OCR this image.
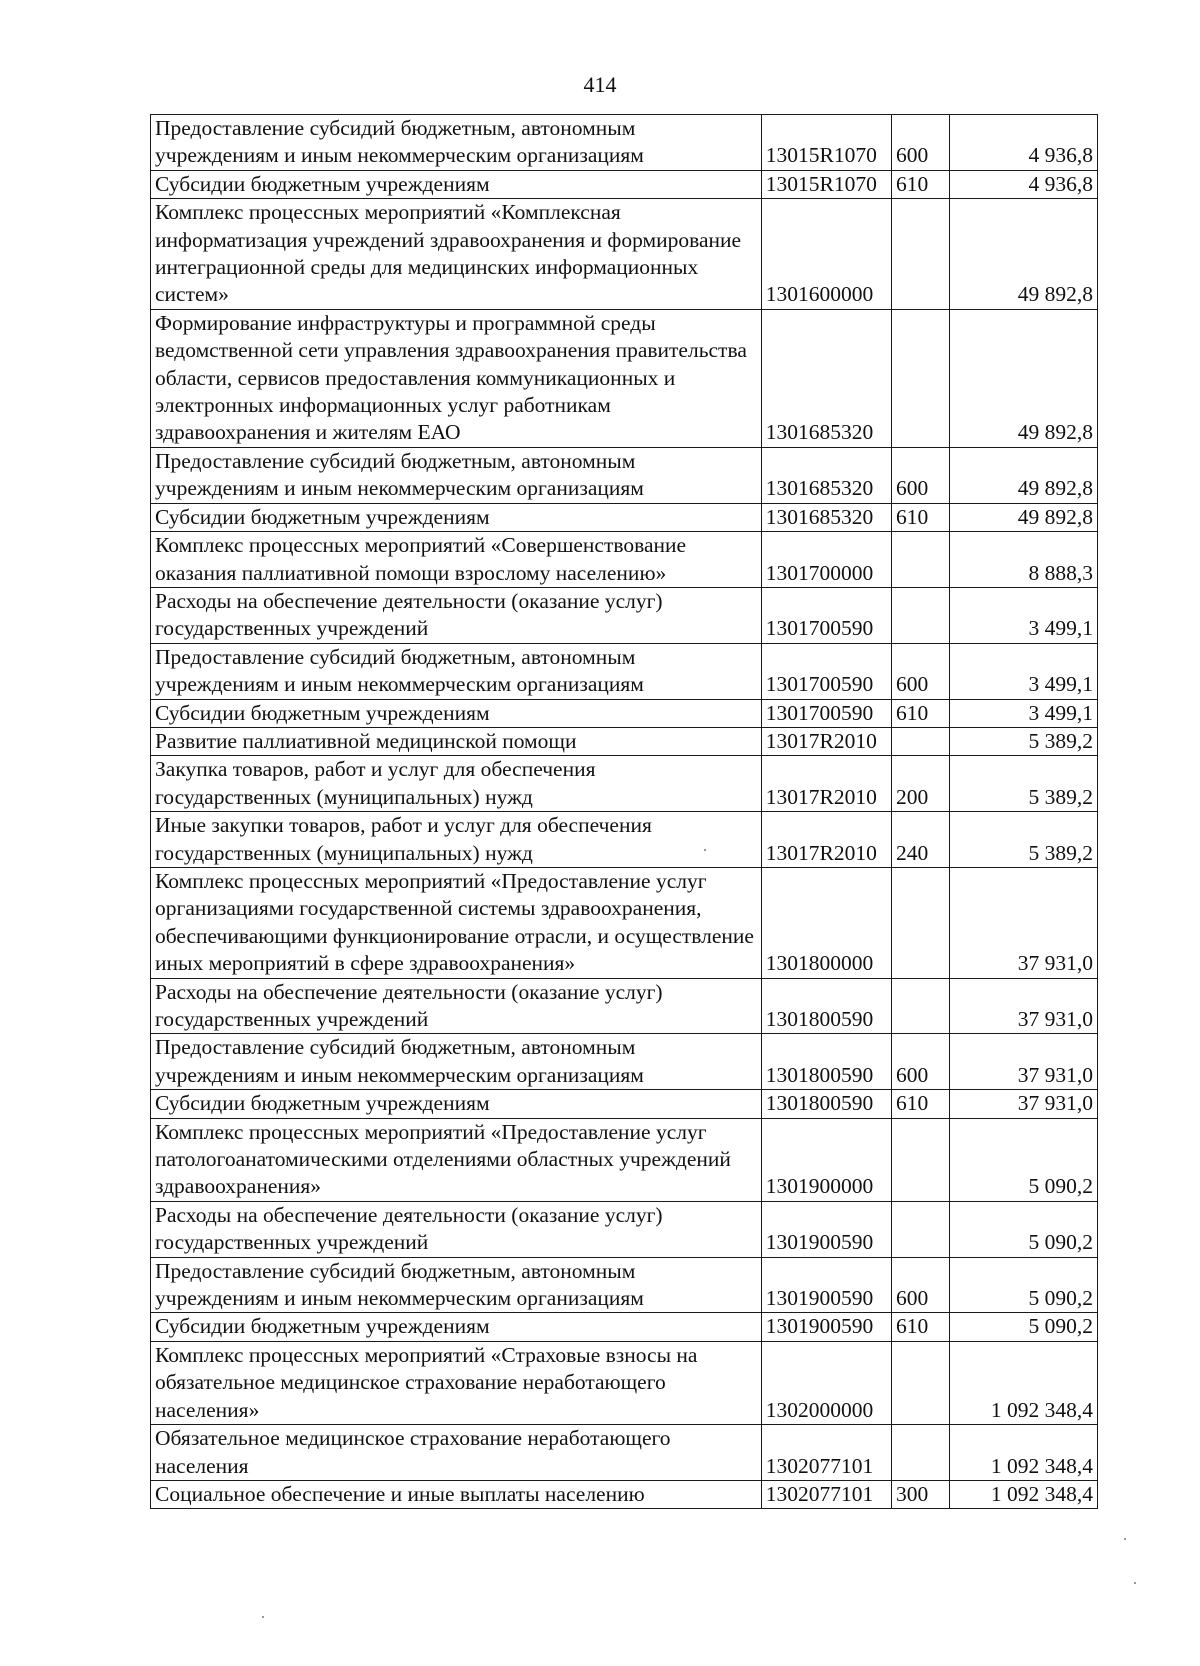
414
Предоставление субсидий бюджетным, автономным учреждениям и иным некоммерческим организациям	13015R1070	600	4 936,8
Субсидии бюджетным учреждениям	13015R1070	610	4 936,8
Комплекс процессных мероприятий «Комплексная информатизация учреждений здравоохранения и формирование интеграционной среды для медицинских информационных систем»	1301600000		49 892,8
Формирование инфраструктуры и программной среды ведомственной сети управления здравоохранения правительства области, сервисов предоставления коммуникационных и электронных информационных услуг работникам здравоохранения и жителям ЕАО	1301685320		49 892,8
Предоставление субсидий бюджетным, автономным учреждениям и иным некоммерческим организациям	1301685320	600	49 892,8
Субсидии бюджетным учреждениям	1301685320	610	49 892,8
Комплекс процессных мероприятий «Совершенствование оказания паллиативной помощи взрослому населению»	1301700000		8 888,3
Расходы на обеспечение деятельности (оказание услуг) государственных учреждений	1301700590		3 499,1
Предоставление субсидий бюджетным, автономным учреждениям и иным некоммерческим организациям	1301700590	600	3 499,1
Субсидии бюджетным учреждениям	1301700590	610	3 499,1
Развитие паллиативной медицинской помощи	13017R2010		5 389,2
Закупка товаров, работ и услуг для обеспечения государственных (муниципальных) нужд	13017R2010	200	5 389,2
Иные закупки товаров, работ и услуг для обеспечения государственных (муниципальных) нужд	13017R2010	240	5 389,2
Комплекс процессных мероприятий «Предоставление услуг организациями государственной системы здравоохранения, обеспечивающими функционирование отрасли, и осуществление иных мероприятий в сфере здравоохранения»	1301800000		37 931,0
Расходы на обеспечение деятельности (оказание услуг) государственных учреждений	1301800590		37 931,0
Предоставление субсидий бюджетным, автономным учреждениям и иным некоммерческим организациям	1301800590	600	37 931,0
Субсидии бюджетным учреждениям	1301800590	610	37 931,0
Комплекс процессных мероприятий «Предоставление услуг патологоанатомическими отделениями областных учреждений здравоохранения»	1301900000		5 090,2
Расходы на обеспечение деятельности (оказание услуг) государственных учреждений	1301900590		5 090,2
Предоставление субсидий бюджетным, автономным учреждениям и иным некоммерческим организациям	1301900590	600	5 090,2
Субсидии бюджетным учреждениям	1301900590	610	5 090,2
Комплекс процессных мероприятий «Страховые взносы на обязательное медицинское страхование неработающего населения»	1302000000		1 092 348,4
Обязательное медицинское страхование неработающего населения	1302077101		1 092 348,4
Социальное обеспечение и иные выплаты населению	1302077101	300	1 092 348,4
